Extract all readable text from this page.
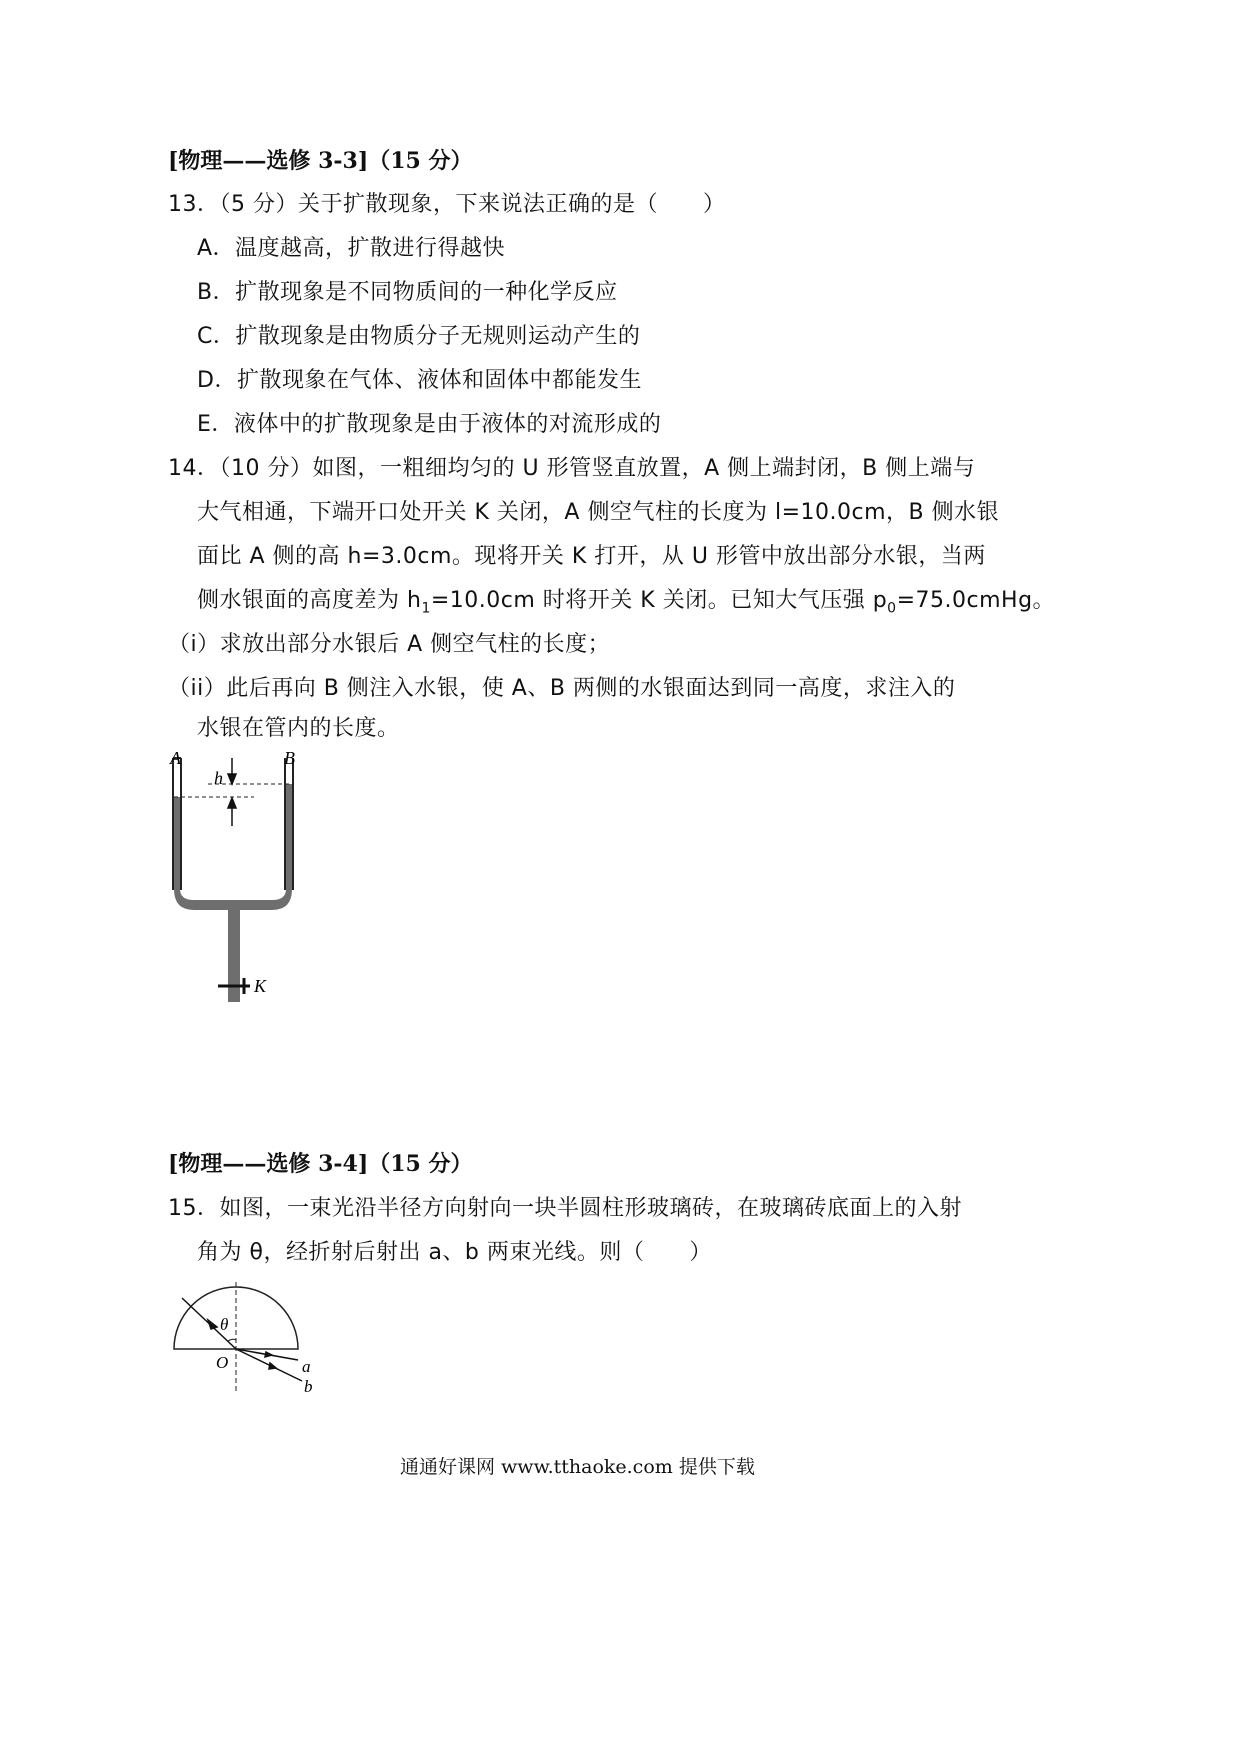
[物理——选修 3-3]（15 分）
13．（5 分）关于扩散现象，下来说法正确的是（　　）
A．温度越高，扩散进行得越快
B．扩散现象是不同物质间的一种化学反应
C．扩散现象是由物质分子无规则运动产生的
D．扩散现象在气体、液体和固体中都能发生
E．液体中的扩散现象是由于液体的对流形成的
14．（10 分）如图，一粗细均匀的 U 形管竖直放置，A 侧上端封闭，B 侧上端与
大气相通，下端开口处开关 K 关闭，A 侧空气柱的长度为 l=10.0cm，B 侧水银
面比 A 侧的高 h=3.0cm。现将开关 K 打开，从 U 形管中放出部分水银，当两
侧水银面的高度差为 $h_1=10.0cm$ 时将开关 K 关闭。已知大气压强 $p_0=75.0cmHg$。
（i）求放出部分水银后 A 侧空气柱的长度；
（ii）此后再向 B 侧注入水银，使 A、B 两侧的水银面达到同一高度，求注入的
水银在管内的长度。
A	B
h
K
[物理——选修 3-4]（15 分）
15．如图，一束光沿半径方向射向一块半圆柱形玻璃砖，在玻璃砖底面上的入射
角为 θ，经折射后射出 a、b 两束光线。则（　　）
θ
O	a
b
通通好课网 www.tthaoke.com 提供下载
